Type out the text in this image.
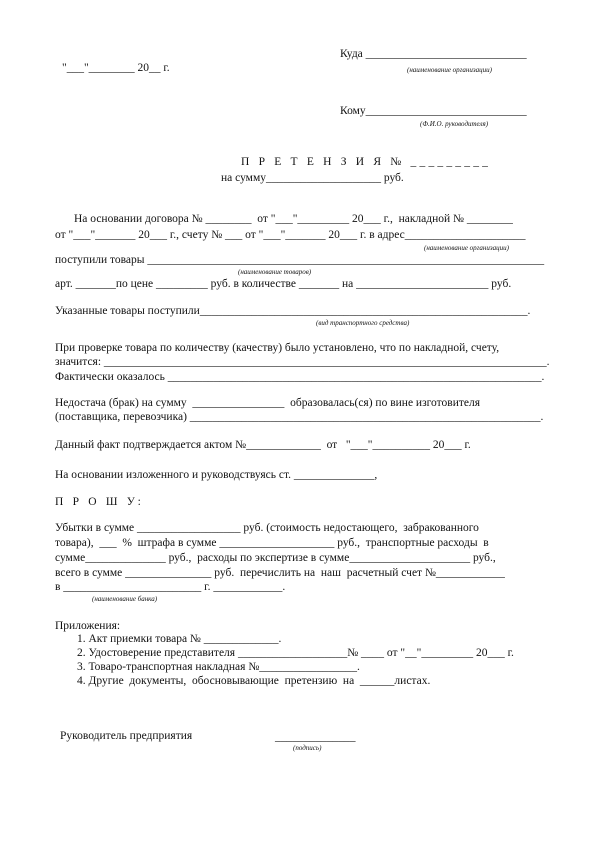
"___"________ 20__ г.
Куда ____________________________
(наименование организации)
Кому____________________________
(Ф.И.О. руководителя)
П Р Е Т Е Н З И Я № _________
на сумму____________________ руб.
На основании договора № ________  от "___"_________ 20___ г.,  накладной № ________
от "___"_______ 20___ г., счету № ___ от "___"_______ 20___ г. в адрес_____________________
(наименование организации)
поступили товары _____________________________________________________________________
(наименование товаров)
арт. _______по цене _________ руб. в количестве _______ на _______________________ руб.
Указанные товары поступили_________________________________________________________.
(вид транспортного средства)
При проверке товара по количеству (качеству) было установлено, что по накладной, счету,
значится: _____________________________________________________________________________.
Фактически оказалось _________________________________________________________________.
Недостача (брак) на сумму  ________________  образовалась(ся) по вине изготовителя
(поставщика, перевозчика) _____________________________________________________________.
Данный факт подтверждается актом №_____________  от   "___"__________ 20___ г.
На основании изложенного и руководствуясь ст. ______________,
П Р О Ш У:
Убытки в сумме __________________ руб. (стоимость недостающего,  забракованного
товара),  ___  %  штрафа в сумме ____________________ руб.,  транспортные расходы  в
сумме______________ руб.,  расходы по экспертизе в сумме_____________________ руб.,
всего в сумме _______________ руб.  перечислить на  наш  расчетный счет №____________
в ________________________ г. ____________.
(наименование банка)
Приложения:
1. Акт приемки товара № _____________.
2. Удостоверение представителя ___________________№ ____ от "__"_________ 20___ г.
3. Товаро-транспортная накладная №_________________.
4. Другие  документы,  обосновывающие  претензию  на  ______листах.
Руководитель предприятия	______________
(подпись)
